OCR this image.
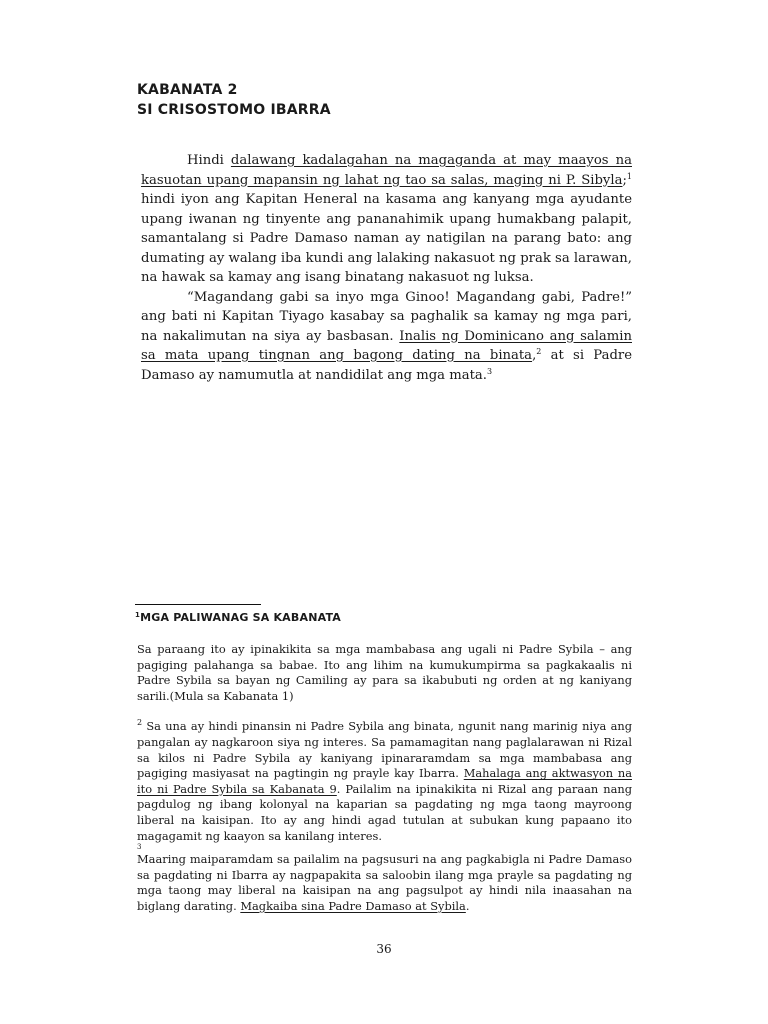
KABANATA 2
SI CRISOSTOMO IBARRA

Hindi dalawang kadalagahan na magaganda at may maayos na kasuotan upang mapansin ng lahat ng tao sa salas, maging ni P. Sibyla;$^1$ hindi iyon ang Kapitan Heneral na kasama ang kanyang mga ayudante upang iwanan ng tinyente ang pananahimik upang humakbang palapit, samantalang si Padre Damaso naman ay natigilan na parang bato: ang dumating ay walang iba kundi ang lalaking nakasuot ng prak sa larawan, na hawak sa kamay ang isang binatang nakasuot ng luksa.

“Magandang gabi sa inyo mga Ginoo! Magandang gabi, Padre!” ang bati ni Kapitan Tiyago kasabay sa paghalik sa kamay ng mga pari, na nakalimutan na siya ay basbasan. Inalis ng Dominicano ang salamin sa mata upang tingnan ang bagong dating na binata,$^2$ at si Padre Damaso ay namumutla at nandidilat ang mga mata.$^3$

$^1$MGA PALIWANAG SA KABANATA

Sa paraang ito ay ipinakikita sa mga mambabasa ang ugali ni Padre Sybila – ang pagiging palahanga sa babae. Ito ang lihim na kumukumpirma sa pagkakaalis ni Padre Sybila sa bayan ng Camiling ay para sa ikabubuti ng orden at ng kaniyang sarili.(Mula sa Kabanata 1)

$^2$ Sa una ay hindi pinansin ni Padre Sybila ang binata, ngunit nang marinig niya ang pangalan ay nagkaroon siya ng interes. Sa pamamagitan nang paglalarawan ni Rizal sa kilos ni Padre Sybila ay kaniyang ipinararamdam sa mga mambabasa ang pagiging masiyasat na pagtingin ng prayle kay Ibarra. Mahalaga ang aktwasyon na ito ni Padre Sybila sa Kabanata 9. Pailalim na ipinakikita ni Rizal ang paraan nang pagdulog ng ibang kolonyal na kaparian sa pagdating ng mga taong mayroong liberal na kaisipan. Ito ay ang hindi agad tutulan at subukan kung papaano ito magagamit ng kaayon sa kanilang interes.

3

Maaring maiparamdam sa pailalim na pagsusuri na ang pagkabigla ni Padre Damaso sa pagdating ni Ibarra ay nagpapakita sa saloobin ilang mga prayle sa pagdating ng mga taong may liberal na kaisipan na ang pagsulpot ay hindi nila inaasahan na biglang darating. Magkaiba sina Padre Damaso at Sybila.

36
